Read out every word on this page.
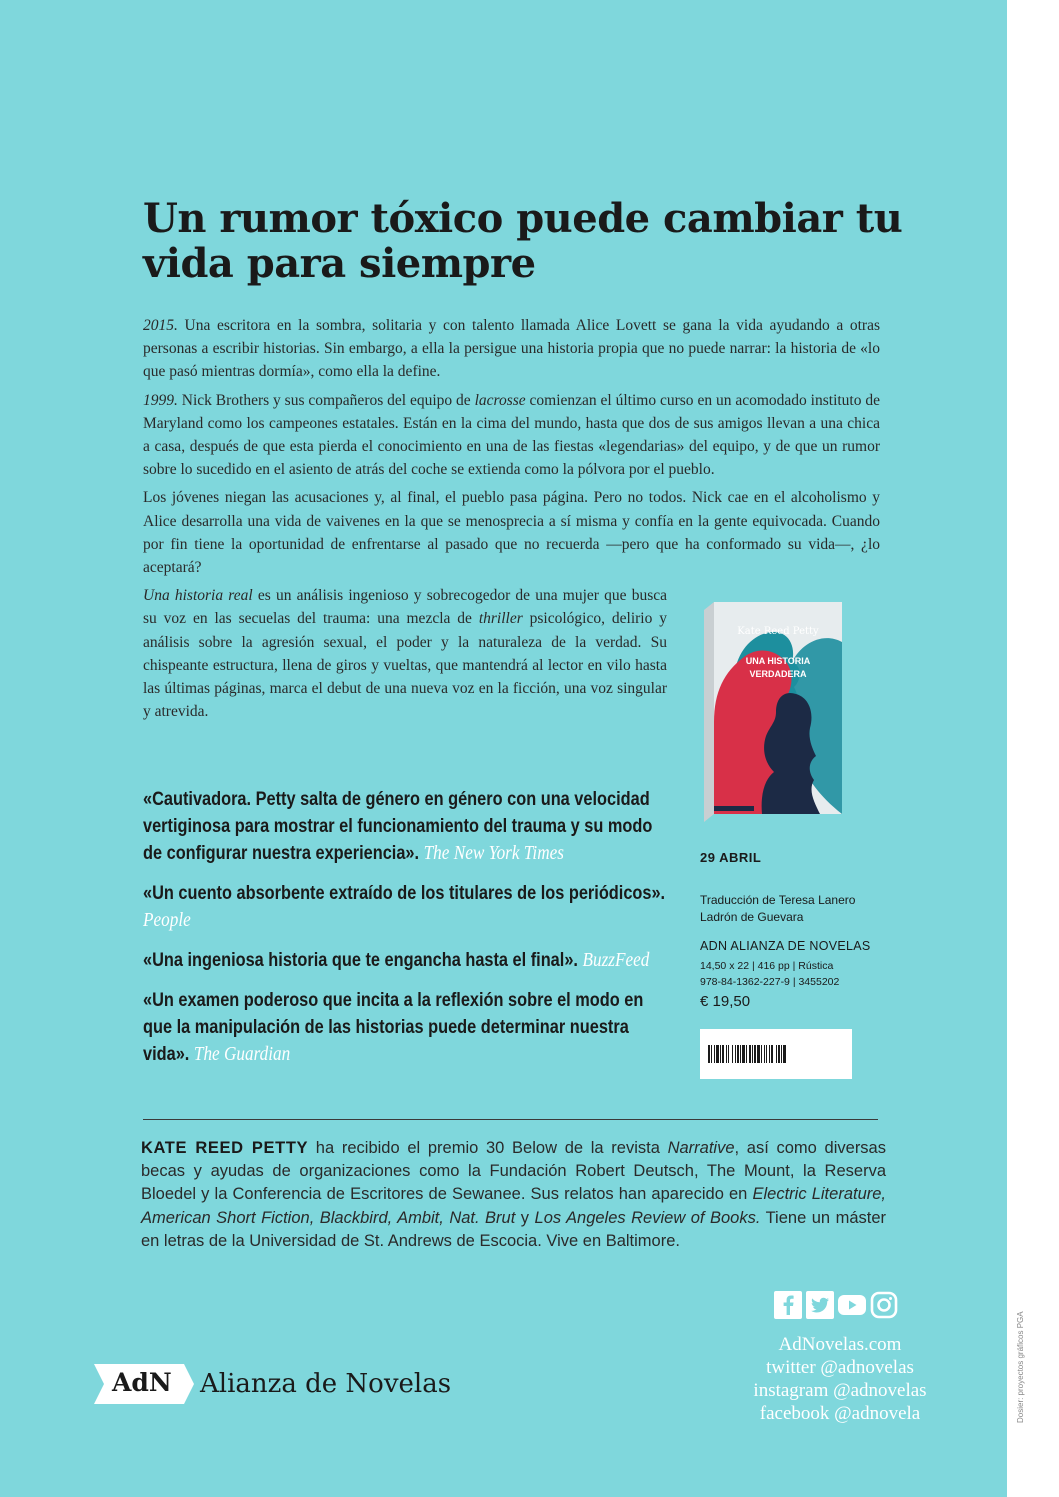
Un rumor tóxico puede cambiar tu vida para siempre

2015. Una escritora en la sombra, solitaria y con talento llamada Alice Lovett se gana la vida ayudando a otras personas a escribir historias. Sin embargo, a ella la persigue una historia propia que no puede narrar: la historia de «lo que pasó mientras dormía», como ella la define.

1999. Nick Brothers y sus compañeros del equipo de lacrosse comienzan el último curso en un acomodado instituto de Maryland como los campeones estatales. Están en la cima del mundo, hasta que dos de sus amigos llevan a una chica a casa, después de que esta pierda el conocimiento en una de las fiestas «legendarias» del equipo, y de que un rumor sobre lo sucedido en el asiento de atrás del coche se extienda como la pólvora por el pueblo.

Los jóvenes niegan las acusaciones y, al final, el pueblo pasa página. Pero no todos. Nick cae en el alcoholismo y Alice desarrolla una vida de vaivenes en la que se menosprecia a sí misma y confía en la gente equivocada. Cuando por fin tiene la oportunidad de enfrentarse al pasado que no recuerda —pero que ha conformado su vida—, ¿lo aceptará?

Una historia real es un análisis ingenioso y sobrecogedor de una mujer que busca su voz en las secuelas del trauma: una mezcla de thriller psicológico, delirio y análisis sobre la agresión sexual, el poder y la naturaleza de la verdad. Su chispeante estructura, llena de giros y vueltas, que mantendrá al lector en vilo hasta las últimas páginas, marca el debut de una nueva voz en la ficción, una voz singular y atrevida.

«Cautivadora. Petty salta de género en género con una velocidad vertiginosa para mostrar el funcionamiento del trauma y su modo de configurar nuestra experiencia». The New York Times

«Un cuento absorbente extraído de los titulares de los periódicos». People

«Una ingeniosa historia que te engancha hasta el final». BuzzFeed

«Un examen poderoso que incita a la reflexión sobre el modo en que la manipulación de las historias puede determinar nuestra vida». The Guardian

Kate Reed Petty
UNA HISTORIA
VERDADERA

29 ABRIL

Traducción de Teresa Lanero Ladrón de Guevara

ADN ALIANZA DE NOVELAS

14,50 x 22 | 416 pp | Rústica
978-84-1362-227-9 | 3455202

€ 19,50

KATE REED PETTY ha recibido el premio 30 Below de la revista Narrative, así como diversas becas y ayudas de organizaciones como la Fundación Robert Deutsch, The Mount, la Reserva Bloedel y la Conferencia de Escritores de Sewanee. Sus relatos han aparecido en Electric Literature, American Short Fiction, Blackbird, Ambit, Nat. Brut y Los Angeles Review of Books. Tiene un máster en letras de la Universidad de St. Andrews de Escocia. Vive en Baltimore.
AdNovelas.com
twitter @adnovelas
instagram @adnovelas
facebook @adnovela
AdN Alianza de Novelas	Dosier: proyectos gráficos PGA
